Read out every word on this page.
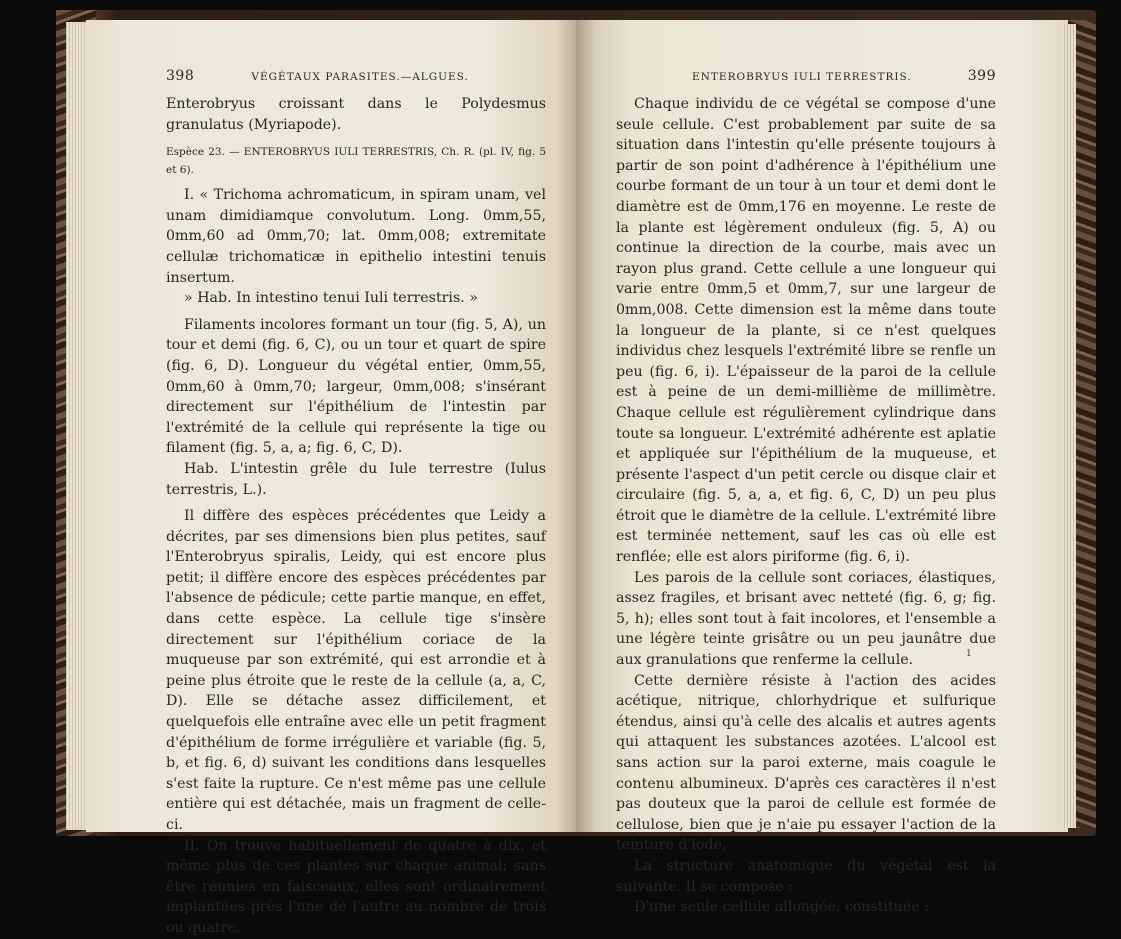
398	VÉGÉTAUX PARASITES.—ALGUES.

Enterobryus croissant dans le Polydesmus granulatus (Myriapode).

Espèce 23. — ENTEROBRYUS IULI TERRESTRIS, Ch. R. (pl. IV, fig. 5 et 6).

I. « Trichoma achromaticum, in spiram unam, vel unam dimidiamque convolutum. Long. 0mm,55, 0mm,60 ad 0mm,70; lat. 0mm,008; extremitate cellulæ trichomaticæ in epithelio intestini tenuis insertum.

» Hab. In intestino tenui Iuli terrestris. »

Filaments incolores formant un tour (fig. 5, A), un tour et demi (fig. 6, C), ou un tour et quart de spire (fig. 6, D). Longueur du végétal entier, 0mm,55, 0mm,60 à 0mm,70; largeur, 0mm,008; s'insérant directement sur l'épithélium de l'intestin par l'extrémité de la cellule qui représente la tige ou filament (fig. 5, a, a; fig. 6, C, D).

Hab. L'intestin grêle du Iule terrestre (Iulus terrestris, L.).

Il diffère des espèces précédentes que Leidy a décrites, par ses dimensions bien plus petites, sauf l'Enterobryus spiralis, Leidy, qui est encore plus petit; il diffère encore des espèces précédentes par l'absence de pédicule; cette partie manque, en effet, dans cette espèce. La cellule tige s'insère directement sur l'épithélium coriace de la muqueuse par son extrémité, qui est arrondie et à peine plus étroite que le reste de la cellule (a, a, C, D). Elle se détache assez difficilement, et quelquefois elle entraîne avec elle un petit fragment d'épithélium de forme irrégulière et variable (fig. 5, b, et fig. 6, d) suivant les conditions dans lesquelles s'est faite la rupture. Ce n'est même pas une cellule entière qui est détachée, mais un fragment de celle-ci.

II. On trouve habituellement de quatre à dix, et même plus de ces plantes sur chaque animal; sans être réunies en faisceaux, elles sont ordinairement implantées près l'une de l'autre au nombre de trois ou quatre.

ENTEROBRYUS IULI TERRESTRIS.	399

Chaque individu de ce végétal se compose d'une seule cellule. C'est probablement par suite de sa situation dans l'intestin qu'elle présente toujours à partir de son point d'adhérence à l'épithélium une courbe formant de un tour à un tour et demi dont le diamètre est de 0mm,176 en moyenne. Le reste de la plante est légèrement onduleux (fig. 5, A) ou continue la direction de la courbe, mais avec un rayon plus grand. Cette cellule a une longueur qui varie entre 0mm,5 et 0mm,7, sur une largeur de 0mm,008. Cette dimension est la même dans toute la longueur de la plante, si ce n'est quelques individus chez lesquels l'extrémité libre se renfle un peu (fig. 6, i). L'épaisseur de la paroi de la cellule est à peine de un demi-millième de millimètre. Chaque cellule est régulièrement cylindrique dans toute sa longueur. L'extrémité adhérente est aplatie et appliquée sur l'épithélium de la muqueuse, et présente l'aspect d'un petit cercle ou disque clair et circulaire (fig. 5, a, a, et fig. 6, C, D) un peu plus étroit que le diamètre de la cellule. L'extrémité libre est terminée nettement, sauf les cas où elle est renflée; elle est alors piriforme (fig. 6, i).

Les parois de la cellule sont coriaces, élastiques, assez fragiles, et brisant avec netteté (fig. 6, g; fig. 5, h); elles sont tout à fait incolores, et l'ensemble a une légère teinte grisâtre ou un peu jaunâtre due aux granulations que renferme la cellule.

Cette dernière résiste à l'action des acides acétique, nitrique, chlorhydrique et sulfurique étendus, ainsi qu'à celle des alcalis et autres agents qui attaquent les substances azotées. L'alcool est sans action sur la paroi externe, mais coagule le contenu albumineux. D'après ces caractères il n'est pas douteux que la paroi de cellule est formée de cellulose, bien que je n'aie pu essayer l'action de la teinture d'iode.

La structure anatomique du végétal est la suivante. Il se compose :

D'une seule cellule allongée, constituée :

1
